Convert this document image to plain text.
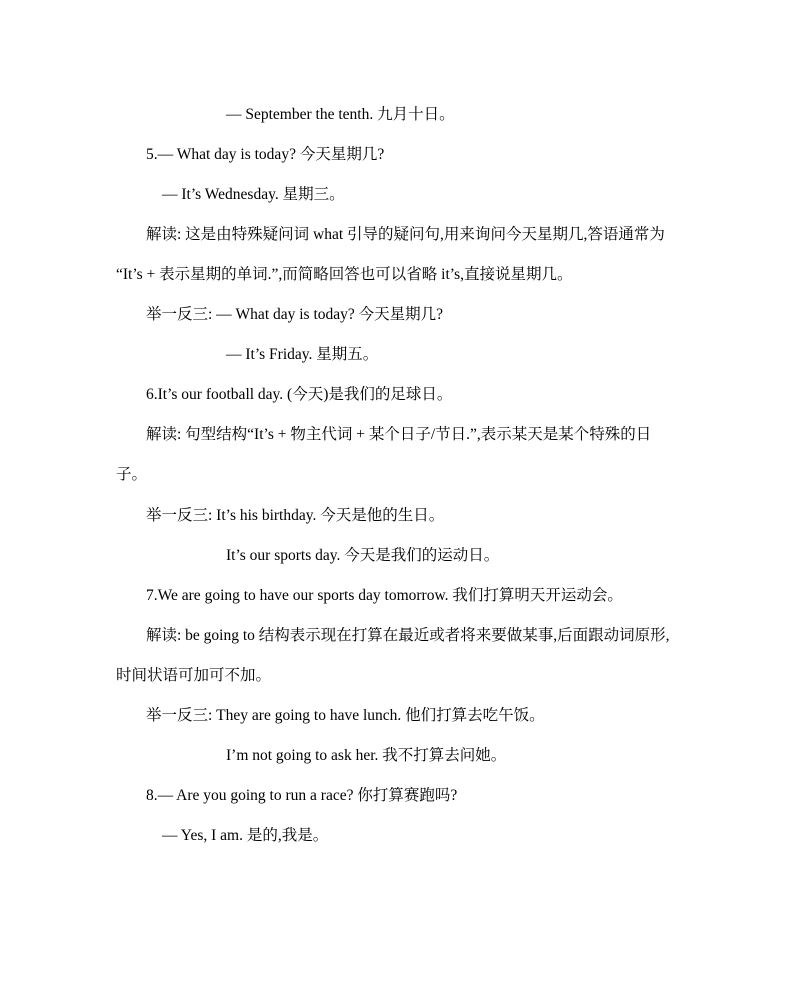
— September the tenth. 九月十日。
5.— What day is today? 今天星期几?
— It’s Wednesday. 星期三。
解读: 这是由特殊疑问词 what 引导的疑问句,用来询问今天星期几,答语通常为
“It’s + 表示星期的单词.”,而简略回答也可以省略 it’s,直接说星期几。
举一反三: — What day is today? 今天星期几?
— It’s Friday. 星期五。
6.It’s our football day. (今天)是我们的足球日。
解读: 句型结构“It’s + 物主代词 + 某个日子/节日.”,表示某天是某个特殊的日
子。
举一反三: It’s his birthday. 今天是他的生日。
It’s our sports day. 今天是我们的运动日。
7.We are going to have our sports day tomorrow. 我们打算明天开运动会。
解读: be going to 结构表示现在打算在最近或者将来要做某事,后面跟动词原形,
时间状语可加可不加。
举一反三: They are going to have lunch. 他们打算去吃午饭。
I’m not going to ask her. 我不打算去问她。
8.— Are you going to run a race? 你打算赛跑吗?
— Yes, I am. 是的,我是。
